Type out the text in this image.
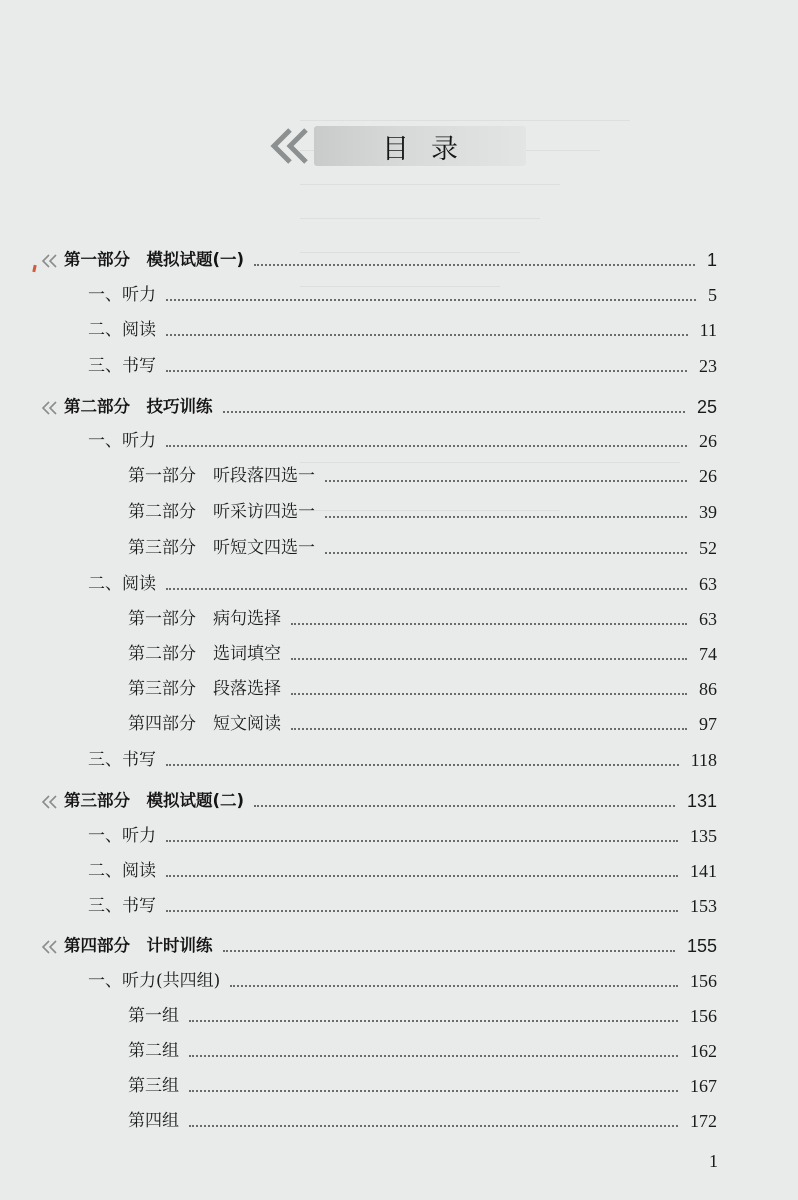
目录
第一部分　模拟试题(一)	1
一、听力	5
二、阅读	11
三、书写	23
第二部分　技巧训练	25
一、听力	26
第一部分　听段落四选一	26
第二部分　听采访四选一	39
第三部分　听短文四选一	52
二、阅读	63
第一部分　病句选择	63
第二部分　选词填空	74
第三部分　段落选择	86
第四部分　短文阅读	97
三、书写	118
第三部分　模拟试题(二)	131
一、听力	135
二、阅读	141
三、书写	153
第四部分　计时训练	155
一、听力(共四组)	156
第一组	156
第二组	162
第三组	167
第四组	172
1
